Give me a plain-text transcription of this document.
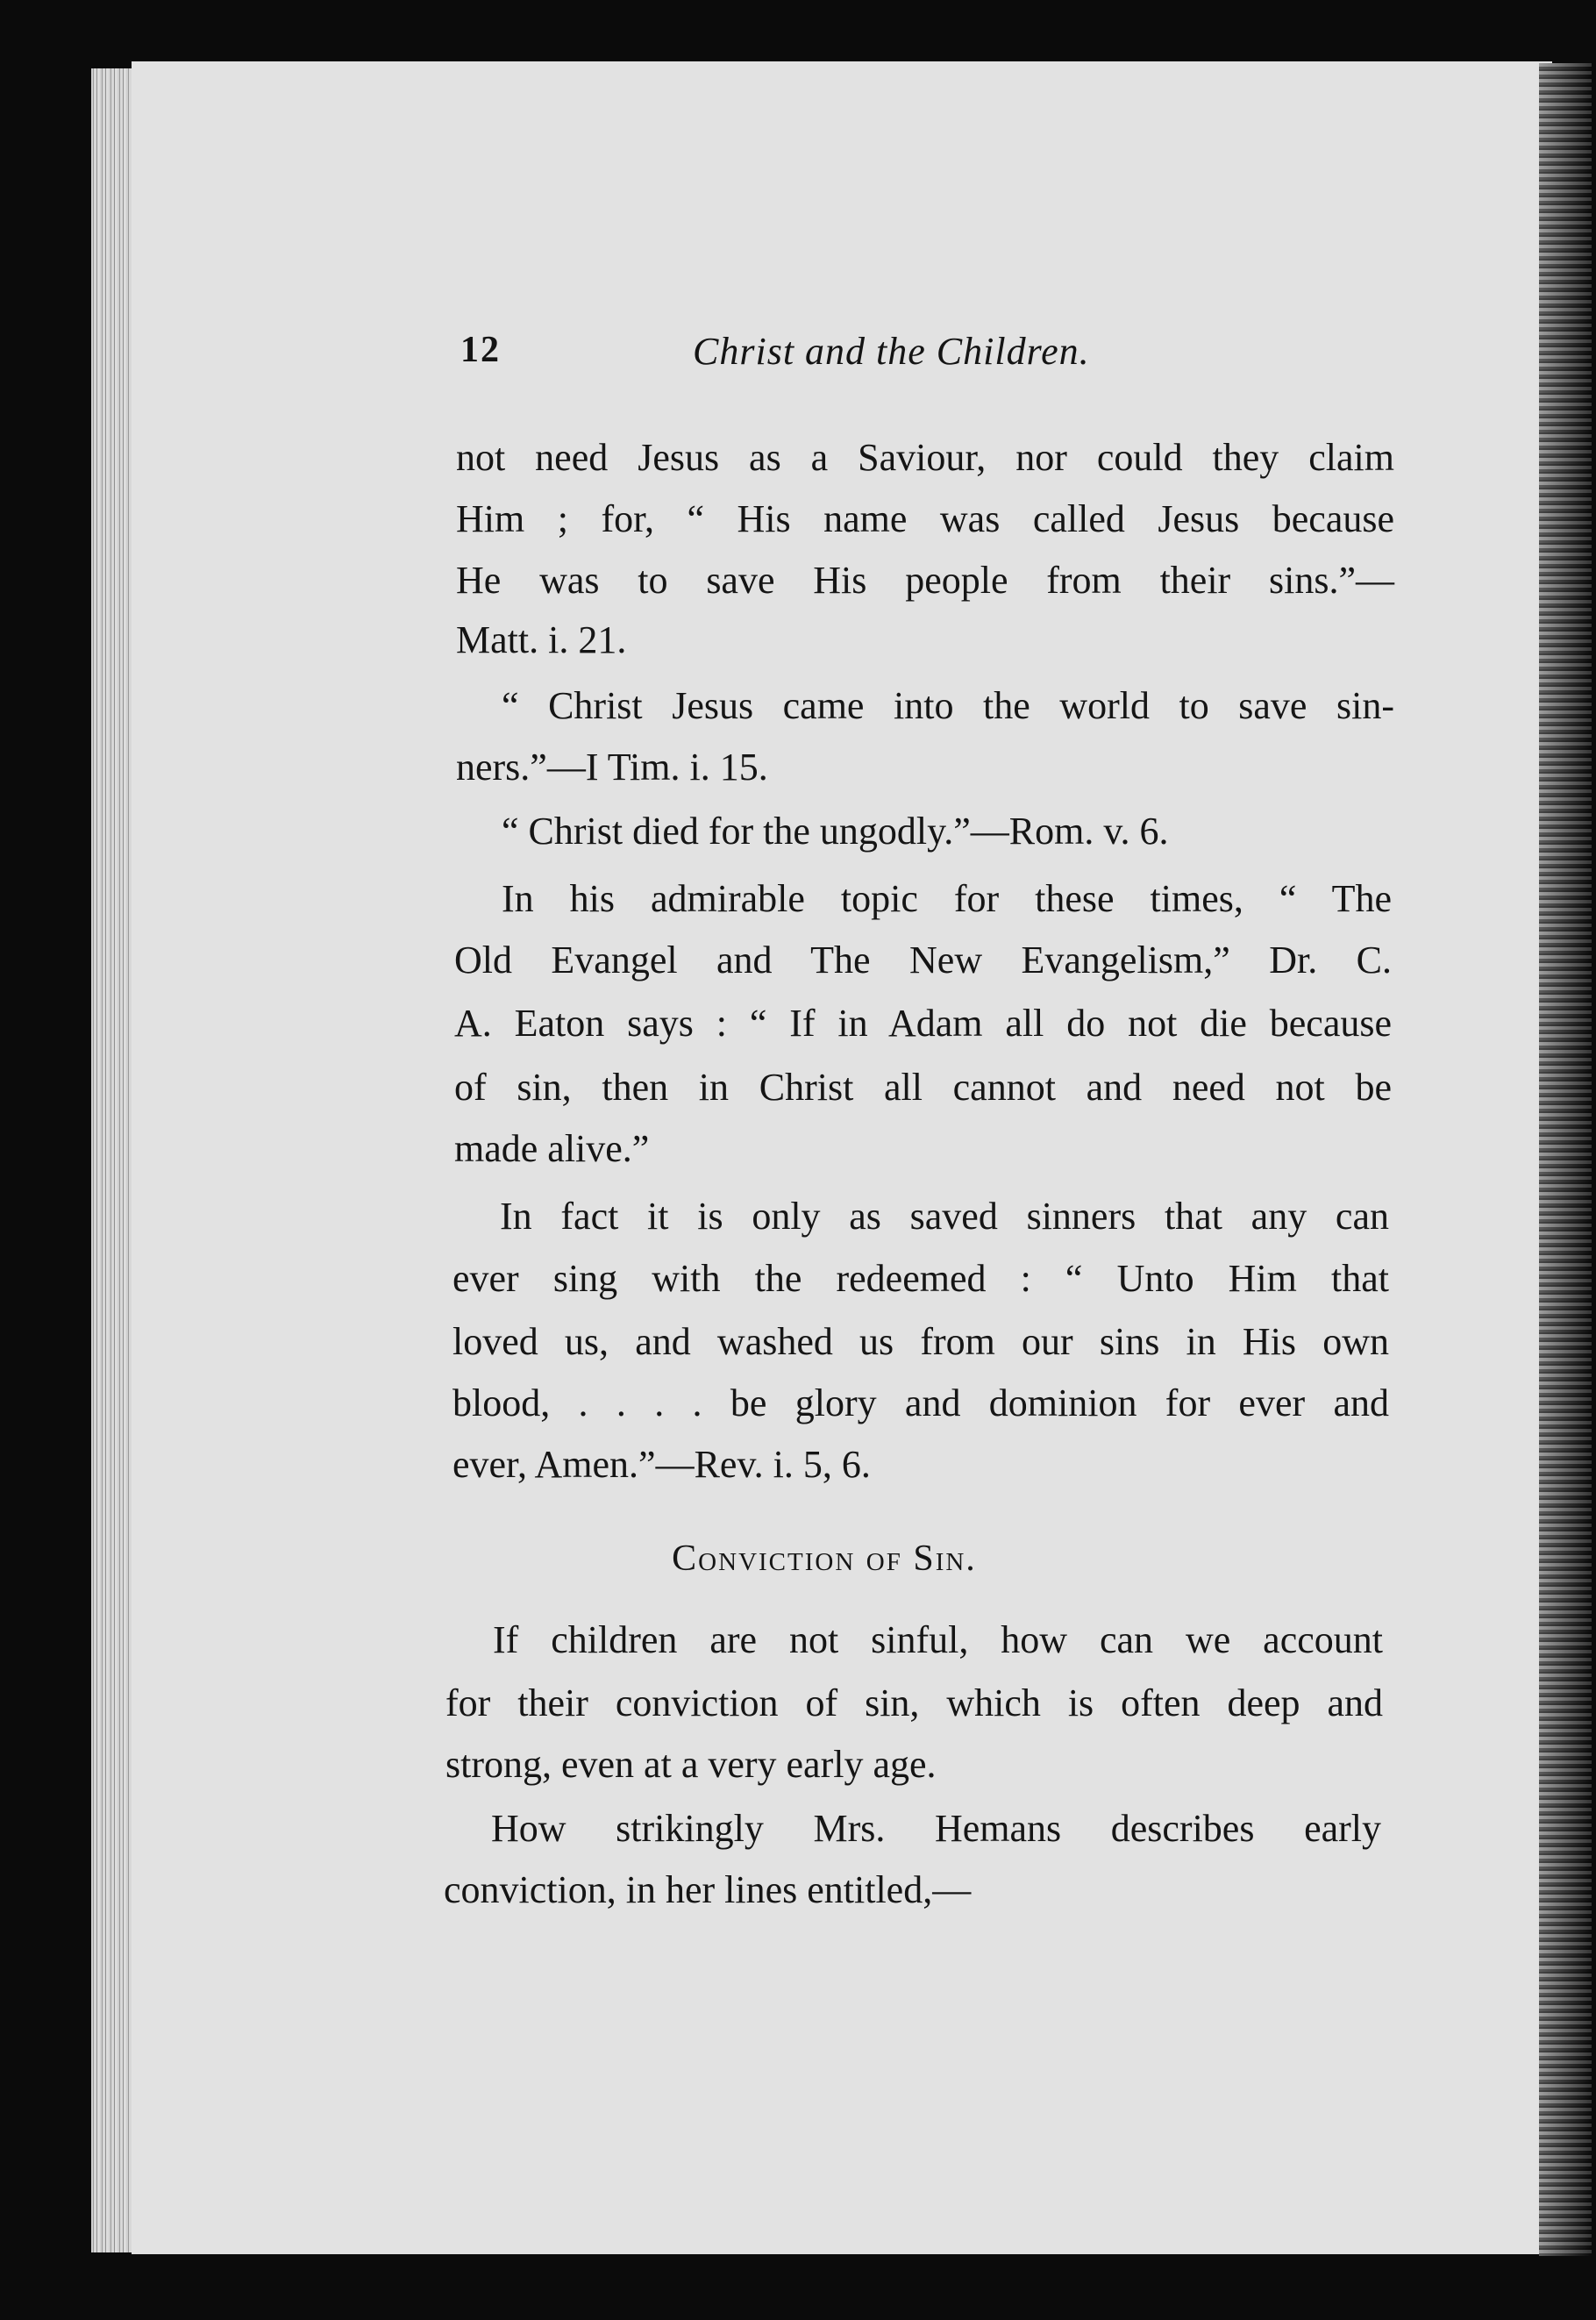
12	Christ and the Children.
not need Jesus as a Saviour, nor could they claim
Him ; for, “ His name was called Jesus because
He was to save His people from their sins.”—
Matt. i. 21.
“ Christ Jesus came into the world to save sin-
ners.”—I Tim. i. 15.
“ Christ died for the ungodly.”—Rom. v. 6.
In his admirable topic for these times, “ The
Old Evangel and The New Evangelism,” Dr. C.
A. Eaton says : “ If in Adam all do not die because
of sin, then in Christ all cannot and need not be
made alive.”
In fact it is only as saved sinners that any can
ever sing with the redeemed : “ Unto Him that
loved us, and washed us from our sins in His own
blood, . . . . be glory and dominion for ever and
ever, Amen.”—Rev. i. 5, 6.
Conviction of Sin.
If children are not sinful, how can we account
for their conviction of sin, which is often deep and
strong, even at a very early age.
How strikingly Mrs. Hemans describes early
conviction, in her lines entitled,—
